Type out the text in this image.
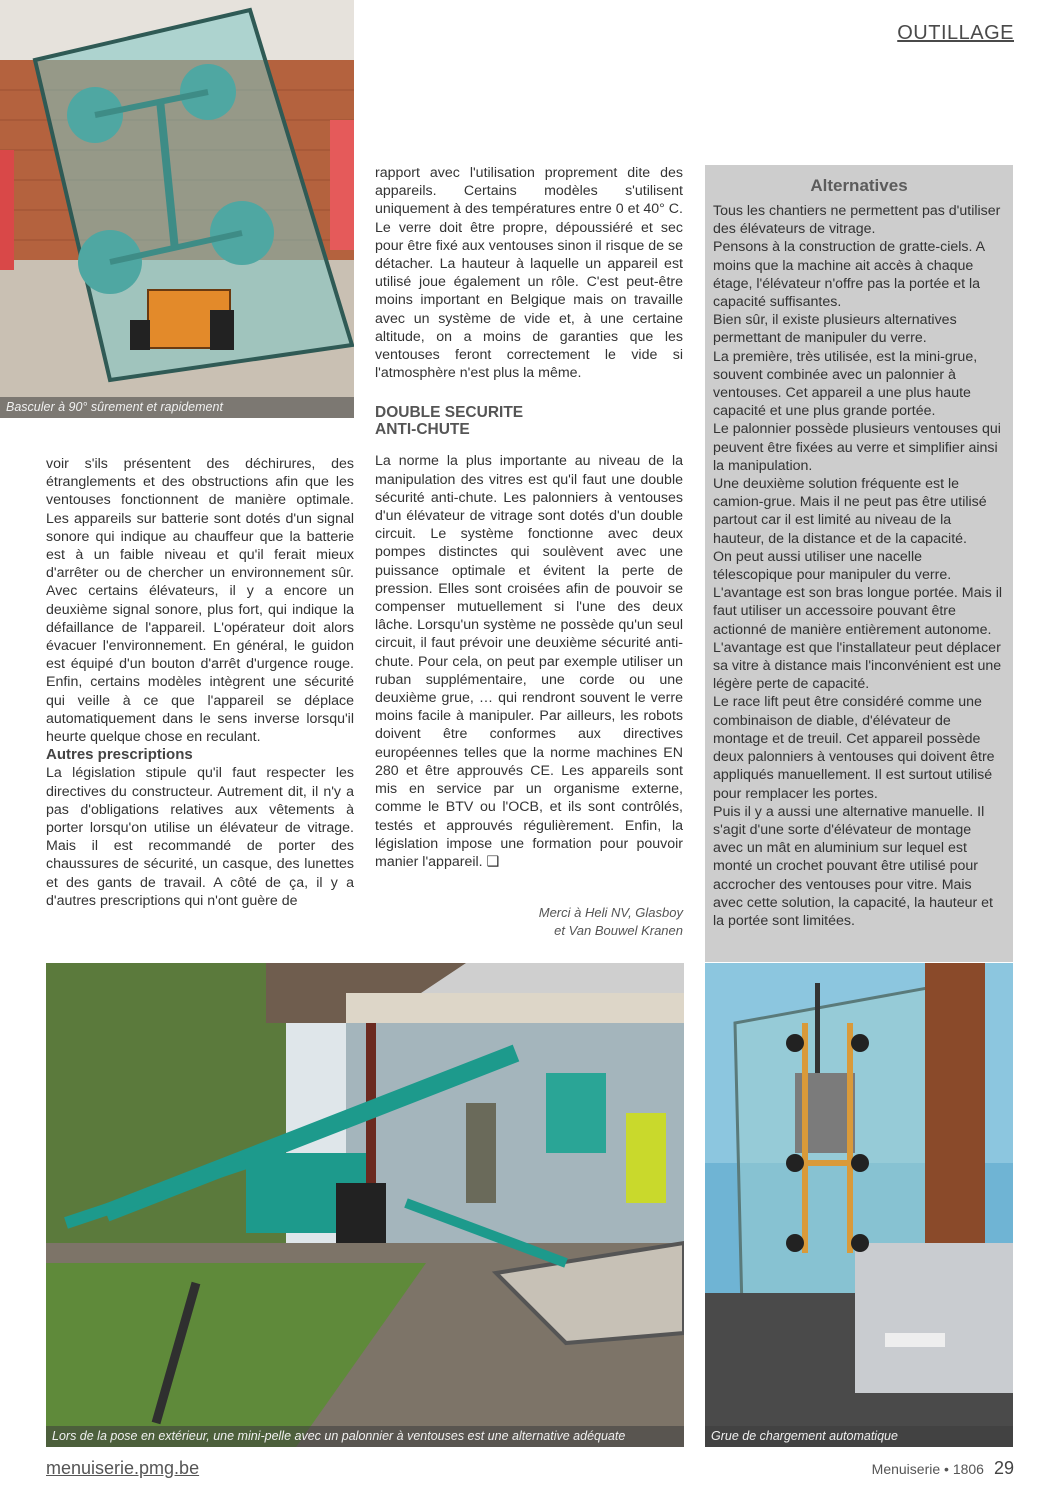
OUTILLAGE
Basculer à 90° sûrement et rapidement

voir s'ils présentent des déchirures, des étranglements et des obstructions afin que les ventouses fonctionnent de manière optimale. Les appareils sur batterie sont dotés d'un signal sonore qui indique au chauffeur que la batterie est à un faible niveau et qu'il ferait mieux d'arrêter ou de chercher un environnement sûr. Avec certains élévateurs, il y a encore un deuxième signal sonore, plus fort, qui indique la défaillance de l'appareil. L'opérateur doit alors évacuer l'environnement. En général, le guidon est équipé d'un bouton d'arrêt d'urgence rouge. Enfin, certains modèles intègrent une sécurité qui veille à ce que l'appareil se déplace automatiquement dans le sens inverse lorsqu'il heurte quelque chose en reculant.

Autres prescriptions

La législation stipule qu'il faut respecter les directives du constructeur. Autrement dit, il n'y a pas d'obligations relatives aux vêtements à porter lorsqu'on utilise un élévateur de vitrage. Mais il est recommandé de porter des chaussures de sécurité, un casque, des lunettes et des gants de travail. A côté de ça, il y a d'autres prescriptions qui n'ont guère de

rapport avec l'utilisation proprement dite des appareils. Certains modèles s'utilisent uniquement à des températures entre 0 et 40° C. Le verre doit être propre, dépoussiéré et sec pour être fixé aux ventouses sinon il risque de se détacher. La hauteur à laquelle un appareil est utilisé joue également un rôle. C'est peut-être moins important en Belgique mais on travaille avec un système de vide et, à une certaine altitude, on a moins de garanties que les ventouses feront correctement le vide si l'atmosphère n'est plus la même.

DOUBLE SECURITE
ANTI-CHUTE

La norme la plus importante au niveau de la manipulation des vitres est qu'il faut une double sécurité anti-chute. Les palonniers à ventouses d'un élévateur de vitrage sont dotés d'un double circuit. Le système fonctionne avec deux pompes distinctes qui soulèvent avec une puissance optimale et évitent la perte de pression. Elles sont croisées afin de pouvoir se compenser mutuellement si l'une des deux lâche. Lorsqu'un système ne possède qu'un seul circuit, il faut prévoir une deuxième sécurité anti-chute. Pour cela, on peut par exemple utiliser un ruban supplémentaire, une corde ou une deuxième grue, … qui rendront souvent le verre moins facile à manipuler. Par ailleurs, les robots doivent être conformes aux directives européennes telles que la norme machines EN 280 et être approuvés CE. Les appareils sont mis en service par un organisme externe, comme le BTV ou l'OCB, et ils sont contrôlés, testés et approuvés régulièrement. Enfin, la législation impose une formation pour pouvoir manier l'appareil. ❑

Merci à Heli NV, Glasboy
et Van Bouwel Kranen
Alternatives

Tous les chantiers ne permettent pas d'utiliser des élévateurs de vitrage.

Pensons à la construction de gratte-ciels. A moins que la machine ait accès à chaque étage, l'élévateur n'offre pas la portée et la capacité suffisantes.

Bien sûr, il existe plusieurs alternatives permettant de manipuler du verre.

La première, très utilisée, est la mini-grue, souvent combinée avec un palonnier à ventouses. Cet appareil a une plus haute capacité et une plus grande portée.

Le palonnier possède plusieurs ventouses qui peuvent être fixées au verre et simplifier ainsi la manipulation.

Une deuxième solution fréquente est le camion-grue. Mais il ne peut pas être utilisé partout car il est limité au niveau de la hauteur, de la distance et de la capacité.

On peut aussi utiliser une nacelle télescopique pour manipuler du verre. L'avantage est son bras longue portée. Mais il faut utiliser un accessoire pouvant être actionné de manière entièrement autonome. L'avantage est que l'installateur peut déplacer sa vitre à distance mais l'inconvénient est une légère perte de capacité.

Le race lift peut être considéré comme une combinaison de diable, d'élévateur de montage et de treuil. Cet appareil possède deux palonniers à ventouses qui doivent être appliqués manuellement. Il est surtout utilisé pour remplacer les portes.

Puis il y a aussi une alternative manuelle. Il s'agit d'une sorte d'élévateur de montage avec un mât en aluminium sur lequel est monté un crochet pouvant être utilisé pour accrocher des ventouses pour vitre. Mais avec cette solution, la capacité, la hauteur et la portée sont limitées.

Lors de la pose en extérieur, une mini-pelle avec un palonnier à ventouses est une alternative adéquate	Grue de chargement automatique
menuiserie.pmg.be	Menuiserie • 1806 29
